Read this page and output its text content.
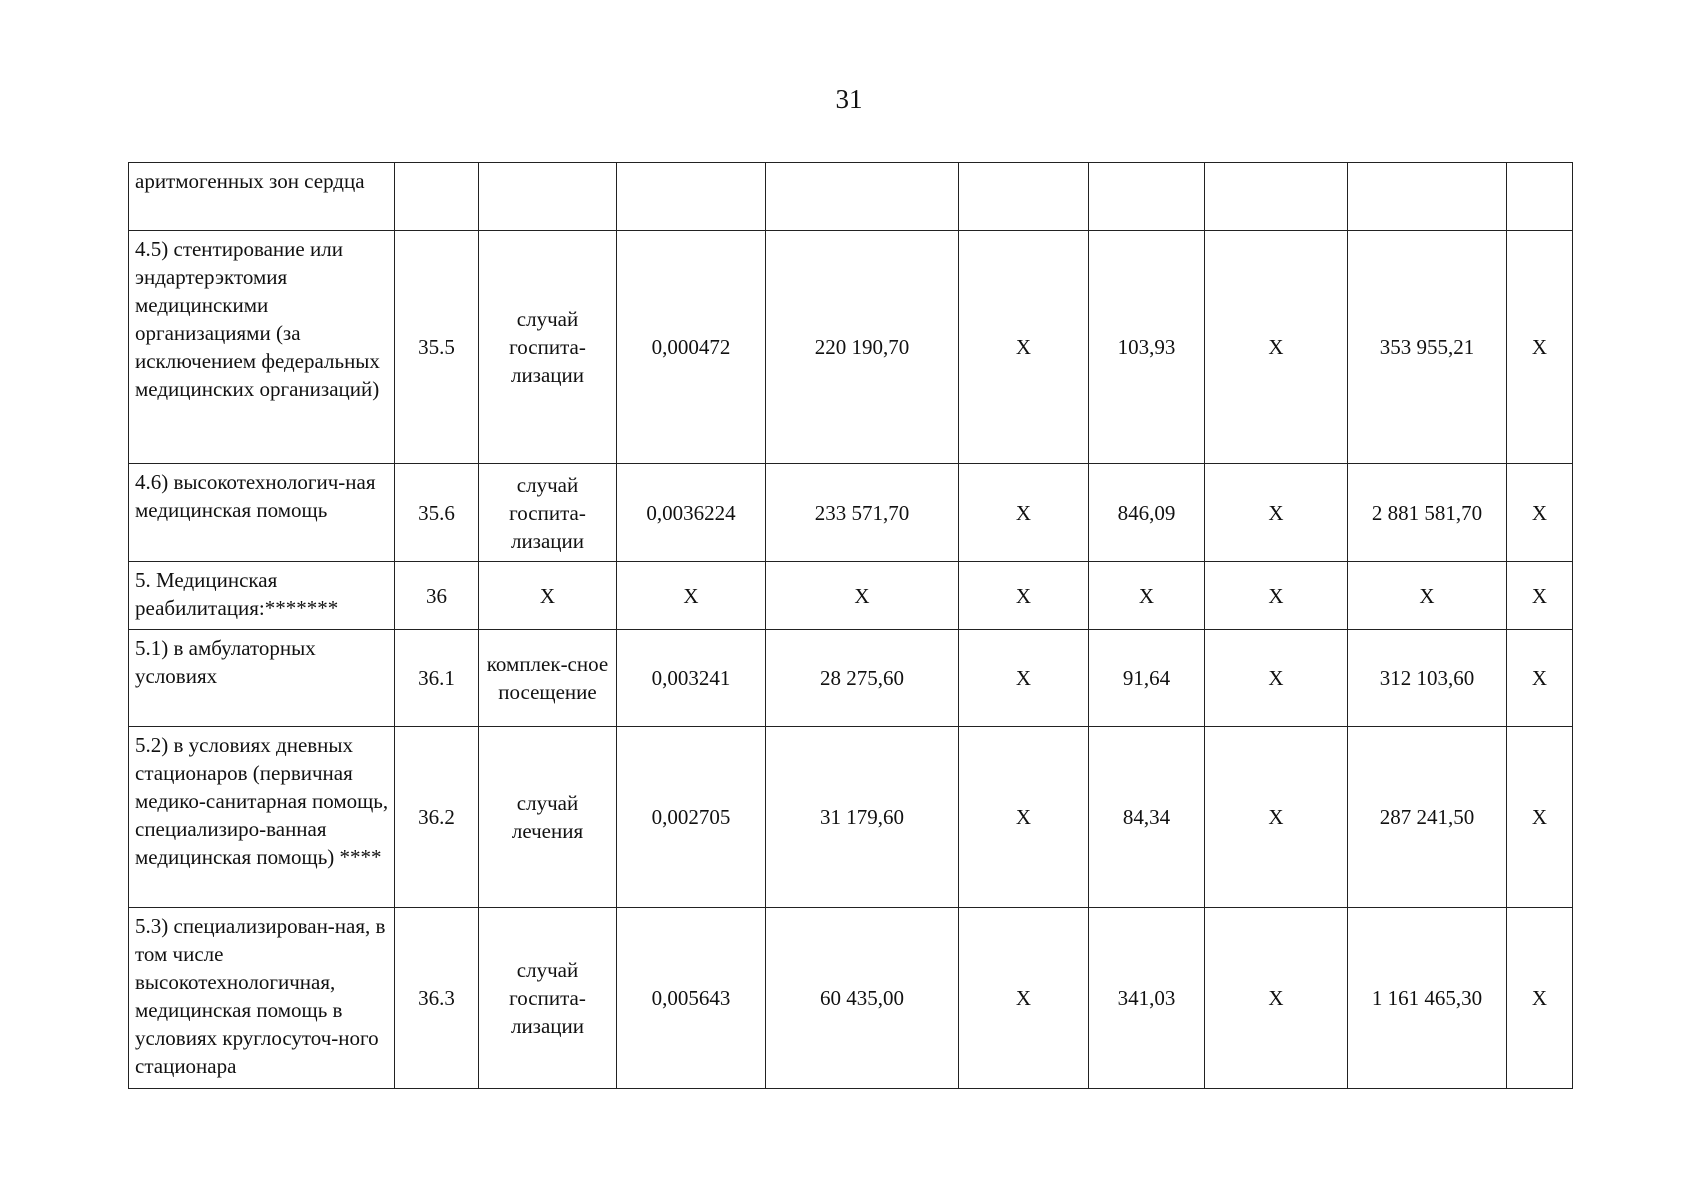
31
аритмогенных зон сердца									
4.5) стентирование или эндартерэктомия медицинскими организациями (за исключением федеральных медицинских организаций)	35.5	случай госпита-лизации	0,000472	220 190,70	X	103,93	X	353 955,21	X
4.6) высокотехнологич-ная медицинская помощь	35.6	случай госпита-лизации	0,0036224	233 571,70	X	846,09	X	2 881 581,70	X
5. Медицинская реабилитация:*******	36	X	X	X	X	X	X	X	X
5.1) в амбулаторных условиях	36.1	комплек-сное посещение	0,003241	28 275,60	X	91,64	X	312 103,60	X
5.2) в условиях дневных стационаров (первичная медико-санитарная помощь, специализиро-ванная медицинская помощь) ****	36.2	случай лечения	0,002705	31 179,60	X	84,34	X	287 241,50	X
5.3) специализирован-ная, в том числе высокотехнологичная, медицинская помощь в условиях круглосуточ-ного стационара	36.3	случай госпита-лизации	0,005643	60 435,00	X	341,03	X	1 161 465,30	X
